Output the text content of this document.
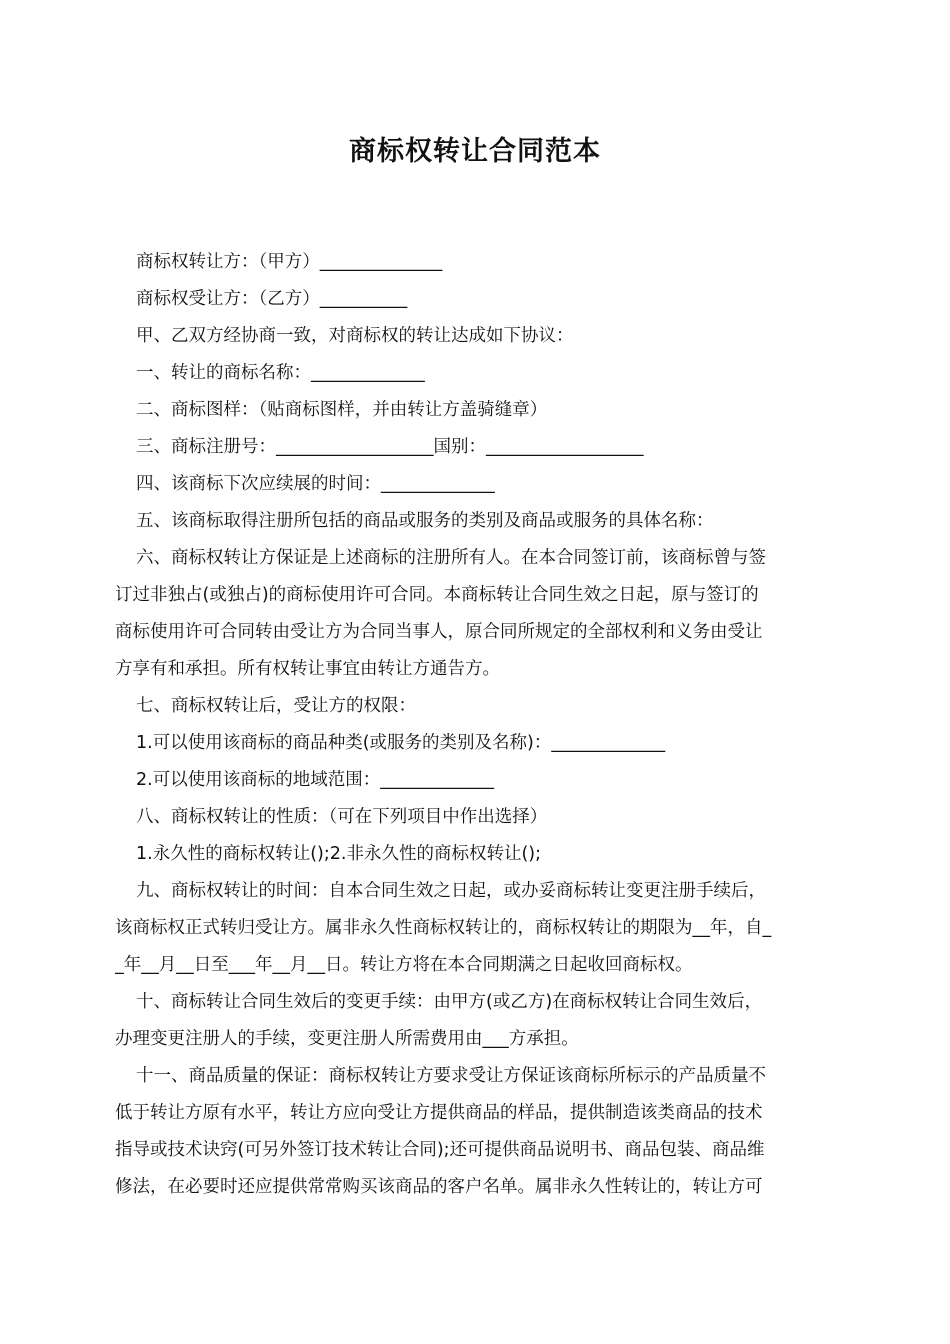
商标权转让合同范本
商标权转让方：（甲方）______________
商标权受让方：（乙方）__________
甲、乙双方经协商一致，对商标权的转让达成如下协议：
一、转让的商标名称：_____________
二、商标图样：（贴商标图样，并由转让方盖骑缝章）
三、商标注册号：__________________国别：__________________
四、该商标下次应续展的时间：_____________
五、该商标取得注册所包括的商品或服务的类别及商品或服务的具体名称：
六、商标权转让方保证是上述商标的注册所有人。在本合同签订前，该商标曾与签
订过非独占(或独占)的商标使用许可合同。本商标转让合同生效之日起，原与签订的
商标使用许可合同转由受让方为合同当事人，原合同所规定的全部权利和义务由受让
方享有和承担。所有权转让事宜由转让方通告方。
七、商标权转让后，受让方的权限：
1.可以使用该商标的商品种类(或服务的类别及名称)：_____________
2.可以使用该商标的地域范围：_____________
八、商标权转让的性质：（可在下列项目中作出选择）
1.永久性的商标权转让();2.非永久性的商标权转让();
九、商标权转让的时间：自本合同生效之日起，或办妥商标转让变更注册手续后，
该商标权正式转归受让方。属非永久性商标权转让的，商标权转让的期限为__年，自_
_年__月__日至___年__月__日。转让方将在本合同期满之日起收回商标权。
十、商标转让合同生效后的变更手续：由甲方(或乙方)在商标权转让合同生效后，
办理变更注册人的手续，变更注册人所需费用由___方承担。
十一、商品质量的保证：商标权转让方要求受让方保证该商标所标示的产品质量不
低于转让方原有水平，转让方应向受让方提供商品的样品，提供制造该类商品的技术
指导或技术诀窍(可另外签订技术转让合同);还可提供商品说明书、商品包装、商品维
修法，在必要时还应提供常常购买该商品的客户名单。属非永久性转让的，转让方可
